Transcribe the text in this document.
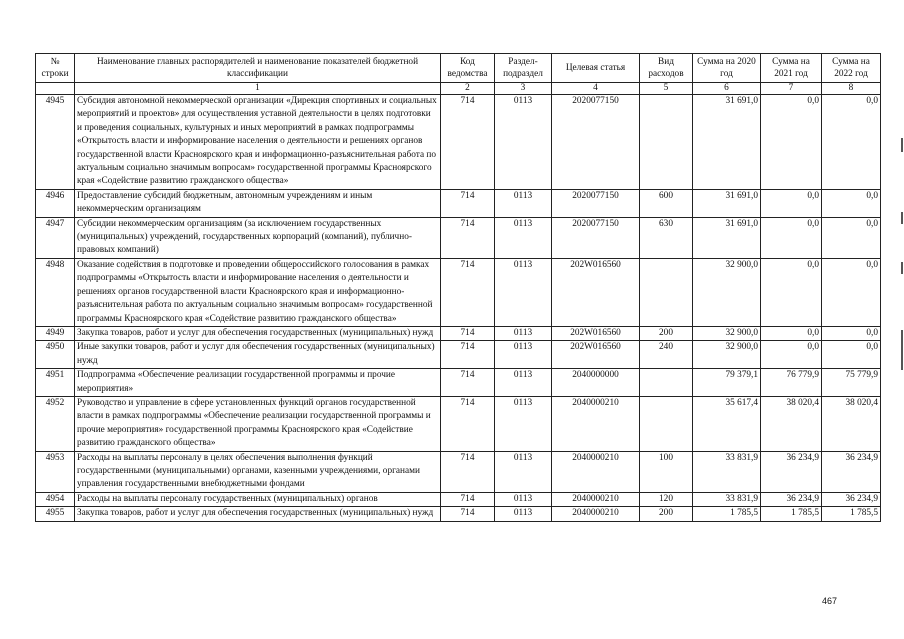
№ строки	Наименование главных распорядителей и наименование показателей бюджетной классификации	Код ведомства	Раздел-подраздел	Целевая статья	Вид расходов	Сумма на 2020 год	Сумма на 2021 год	Сумма на 2022 год
	1	2	3	4	5	6	7	8
4945	Субсидия автономной некоммерческой организации «Дирекция спортивных и социальных мероприятий и проектов» для осуществления уставной деятельности в целях подготовки и проведения социальных, культурных и иных мероприятий в рамках подпрограммы «Открытость власти и информирование населения о деятельности и решениях органов государственной власти Красноярского края и информационно-разъяснительная работа по актуальным социально значимым вопросам» государственной программы Красноярского края «Содействие развитию гражданского общества»	714	0113	2020077150		31 691,0	0,0	0,0
4946	Предоставление субсидий бюджетным, автономным учреждениям и иным некоммерческим организациям	714	0113	2020077150	600	31 691,0	0,0	0,0
4947	Субсидии некоммерческим организациям (за исключением государственных (муниципальных) учреждений, государственных корпораций (компаний), публично-правовых компаний)	714	0113	2020077150	630	31 691,0	0,0	0,0
4948	Оказание содействия в подготовке и проведении общероссийского голосования в рамках подпрограммы «Открытость власти и информирование населения о деятельности и решениях органов государственной власти Красноярского края и информационно-разъяснительная работа по актуальным социально значимым вопросам» государственной программы Красноярского края «Содействие развитию гражданского общества»	714	0113	202W016560		32 900,0	0,0	0,0
4949	Закупка товаров, работ и услуг для обеспечения государственных (муниципальных) нужд	714	0113	202W016560	200	32 900,0	0,0	0,0
4950	Иные закупки товаров, работ и услуг для обеспечения государственных (муниципальных) нужд	714	0113	202W016560	240	32 900,0	0,0	0,0
4951	Подпрограмма «Обеспечение реализации государственной программы и прочие мероприятия»	714	0113	2040000000		79 379,1	76 779,9	75 779,9
4952	Руководство и управление в сфере установленных функций органов государственной власти в рамках подпрограммы «Обеспечение реализации государственной программы и прочие мероприятия» государственной программы Красноярского края «Содействие развитию гражданского общества»	714	0113	2040000210		35 617,4	38 020,4	38 020,4
4953	Расходы на выплаты персоналу в целях обеспечения выполнения функций государственными (муниципальными) органами, казенными учреждениями, органами управления государственными внебюджетными фондами	714	0113	2040000210	100	33 831,9	36 234,9	36 234,9
4954	Расходы на выплаты персоналу государственных (муниципальных) органов	714	0113	2040000210	120	33 831,9	36 234,9	36 234,9
4955	Закупка товаров, работ и услуг для обеспечения государственных (муниципальных) нужд	714	0113	2040000210	200	1 785,5	1 785,5	1 785,5
467
